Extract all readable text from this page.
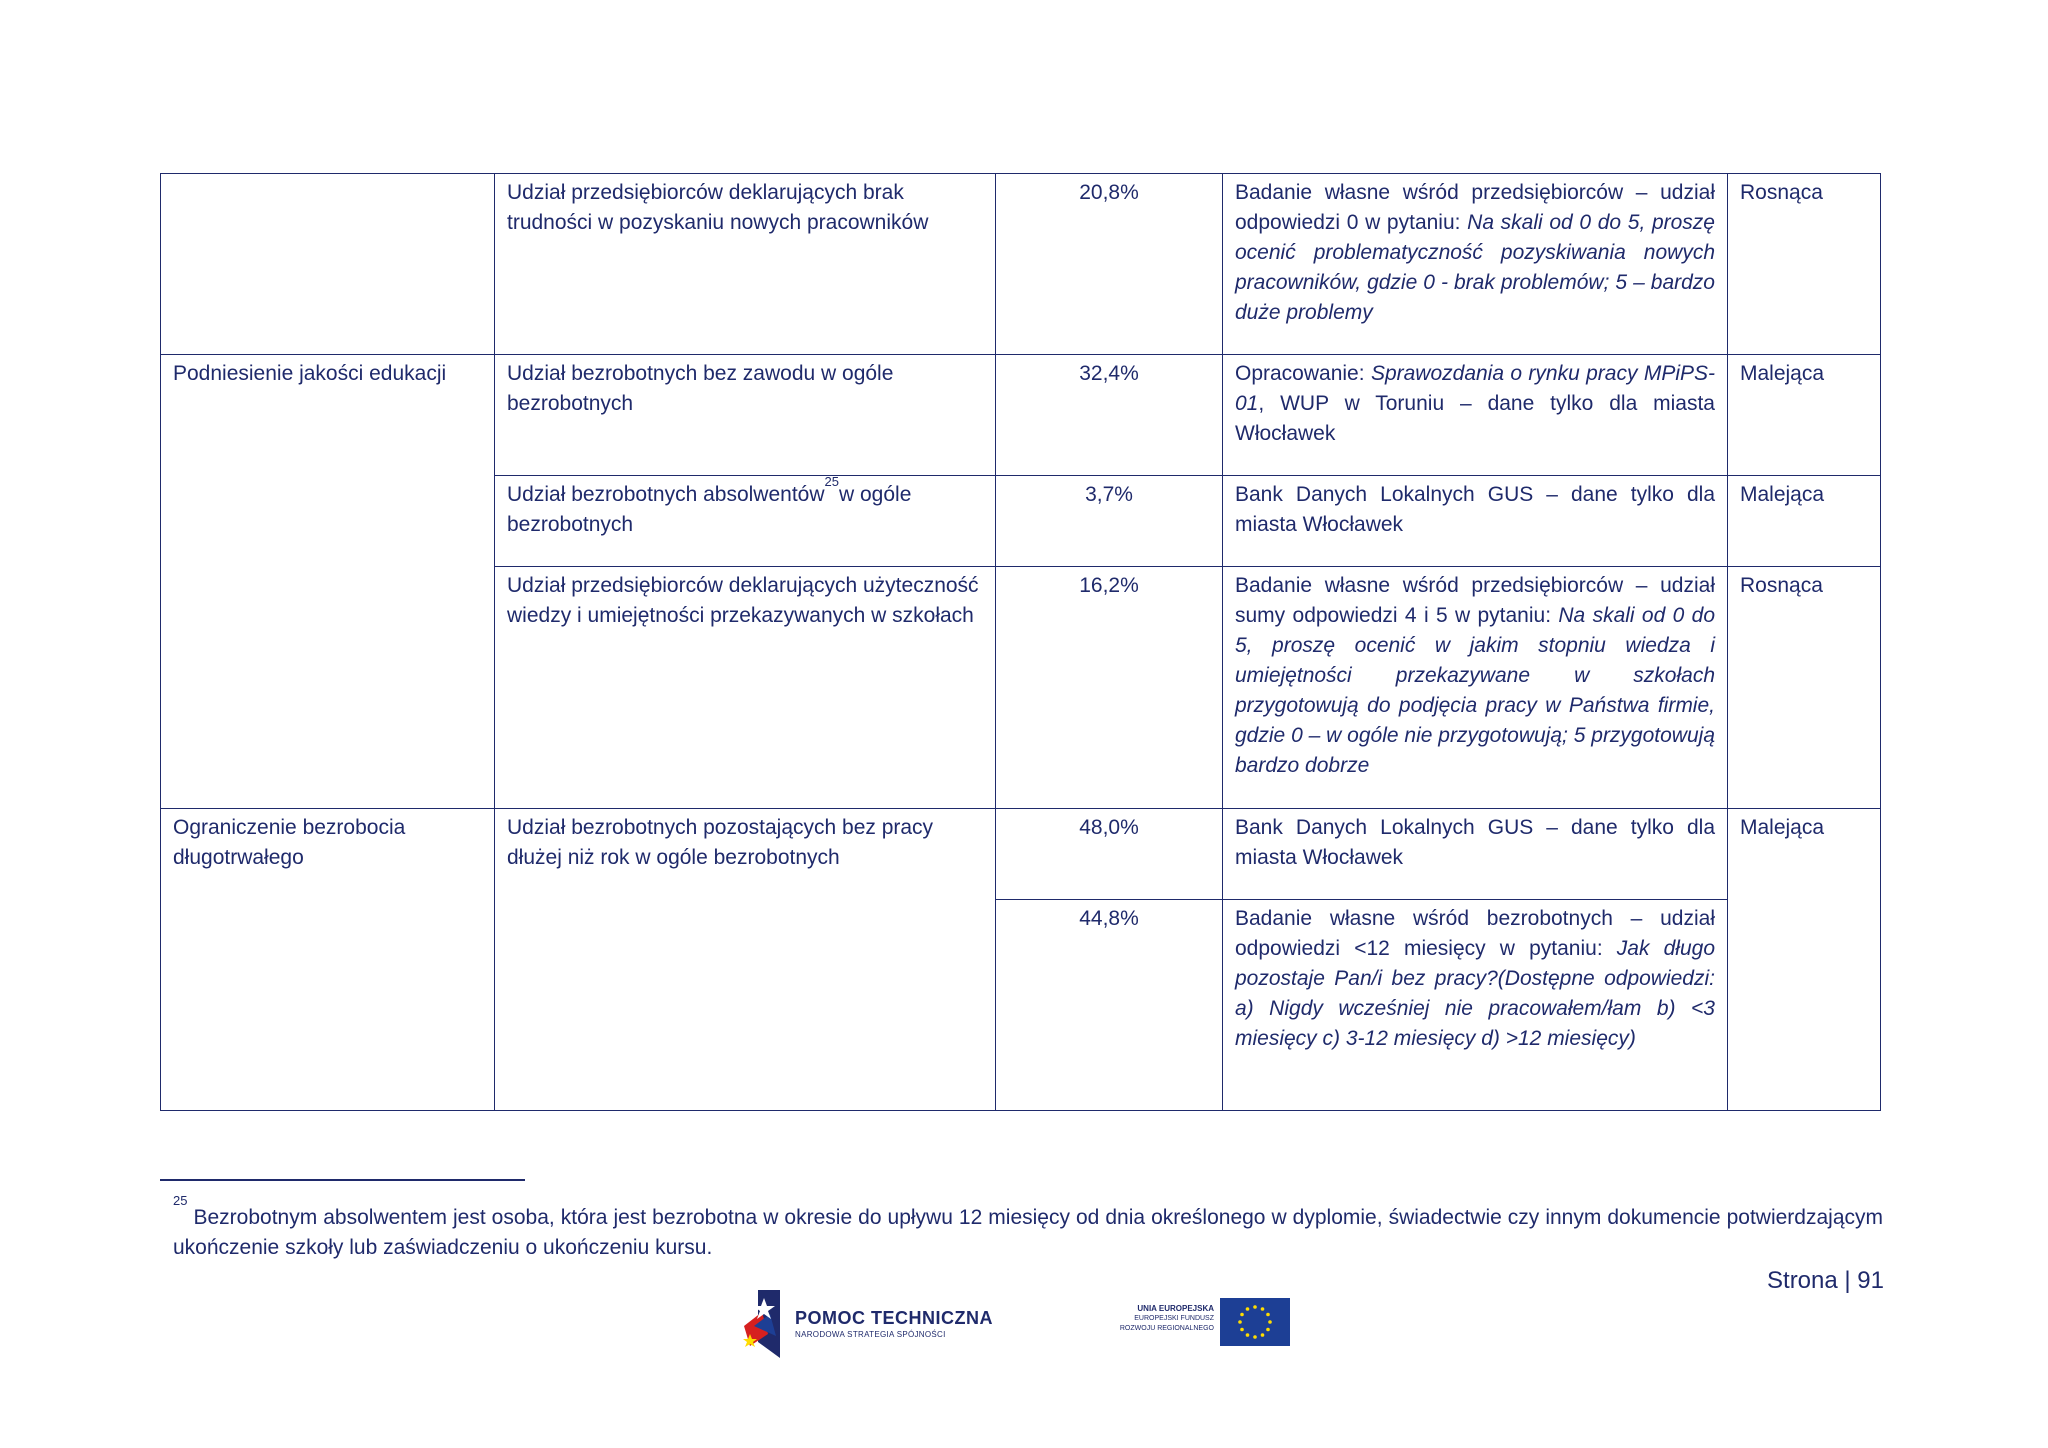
	Udział przedsiębiorców deklarujących brak trudności w pozyskaniu nowych pracowników	20,8%	Badanie własne wśród przedsiębiorców – udział odpowiedzi 0 w pytaniu: Na skali od 0 do 5, proszę ocenić problematyczność pozyskiwania nowych pracowników, gdzie 0 - brak problemów; 5 – bardzo duże problemy	Rosnąca
Podniesienie jakości edukacji	Udział bezrobotnych bez zawodu w ogóle bezrobotnych	32,4%	Opracowanie: Sprawozdania o rynku pracy MPiPS-01, WUP w Toruniu – dane tylko dla miasta Włocławek	Malejąca
	Udział bezrobotnych absolwentów$^{25}$w ogóle bezrobotnych	3,7%	Bank Danych Lokalnych GUS – dane tylko dla miasta Włocławek	Malejąca
	Udział przedsiębiorców deklarujących użyteczność wiedzy i umiejętności przekazywanych w szkołach	16,2%	Badanie własne wśród przedsiębiorców – udział sumy odpowiedzi 4 i 5 w pytaniu: Na skali od 0 do 5, proszę ocenić w jakim stopniu wiedza i umiejętności przekazywane w szkołach przygotowują do podjęcia pracy w Państwa firmie, gdzie 0 – w ogóle nie przygotowują; 5 przygotowują bardzo dobrze	Rosnąca
Ograniczenie bezrobocia długotrwałego	Udział bezrobotnych pozostających bez pracy dłużej niż rok w ogóle bezrobotnych	48,0%	Bank Danych Lokalnych GUS – dane tylko dla miasta Włocławek	Malejąca
		44,8%	Badanie własne wśród bezrobotnych – udział odpowiedzi <12 miesięcy w pytaniu: Jak długo pozostaje Pan/i bez pracy?(Dostępne odpowiedzi: a) Nigdy wcześniej nie pracowałem/łam b) <3 miesięcy c) 3-12 miesięcy d) >12 miesięcy)	
$^{25}$ Bezrobotnym absolwentem jest osoba, która jest bezrobotna w okresie do upływu 12 miesięcy od dnia określonego w dyplomie, świadectwie czy innym dokumencie potwierdzającym ukończenie szkoły lub zaświadczeniu o ukończeniu kursu.
Strona | 91
POMOC TECHNICZNA
NARODOWA STRATEGIA SPÓJNOŚCI
UNIA EUROPEJSKA
EUROPEJSKI FUNDUSZ
ROZWOJU REGIONALNEGO
